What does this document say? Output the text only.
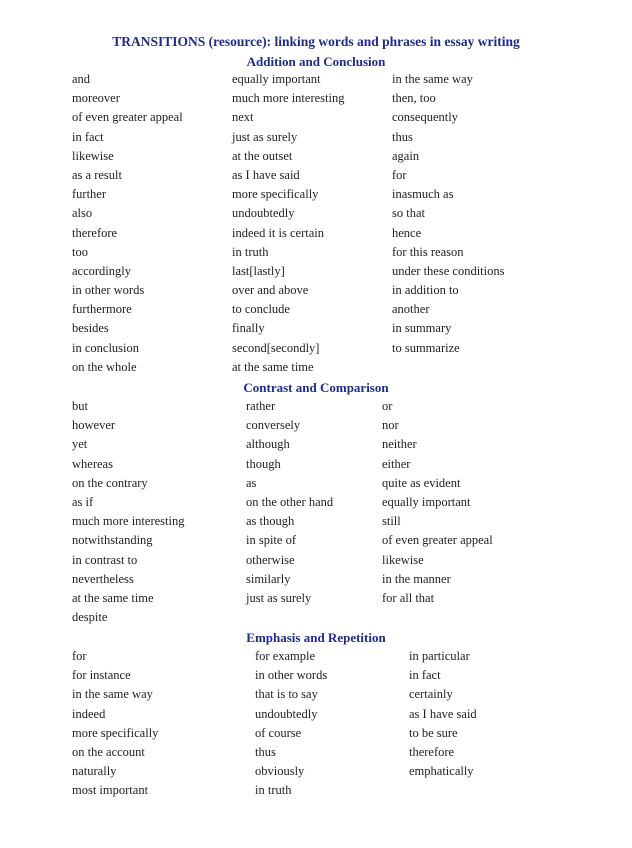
TRANSITIONS (resource): linking words and phrases in essay writing
Addition and Conclusion
and
moreover
of even greater appeal
in fact
likewise
as a result
further
also
therefore
too
accordingly
in other words
furthermore
besides
in conclusion
on the whole
equally important
much more interesting
next
just as surely
at the outset
as I have said
more specifically
undoubtedly
indeed it is certain
in truth
last[lastly]
over and above
to conclude
finally
second[secondly]
at the same time
in the same way
then, too
consequently
thus
again
for
inasmuch as
so that
hence
for this reason
under these conditions
in addition to
another
in summary
to summarize
Contrast and Comparison
but
however
yet
whereas
on the contrary
as if
much more interesting
notwithstanding
in contrast to
nevertheless
at the same time
despite
rather
conversely
although
though
as
on the other hand
as though
in spite of
otherwise
similarly
just as surely
or
nor
neither
either
quite as evident
equally important
still
of even greater appeal
likewise
in the manner
for all that
Emphasis and Repetition
for
for instance
in the same way
indeed
more specifically
on the account
naturally
most important
for example
in other words
that is to say
undoubtedly
of course
thus
obviously
in truth
in particular
in fact
certainly
as I have said
to be sure
therefore
emphatically
